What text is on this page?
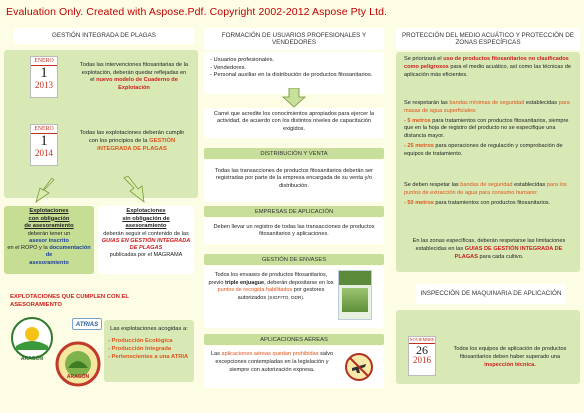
Evaluation Only. Created with Aspose.Pdf. Copyright 2002-2012 Aspose Pty Ltd.
GESTIÓN INTEGRADA DE PLAGAS
ENERO
1
2013
Todas las intervenciones fitosanitarias de la explotación, deberán quedar reflejadas en el nuevo modelo de Cuaderno de Explotación
ENERO
1
2014
Todas las explotaciones deberán cumplir con los principios de la GESTIÓN INTEGRADA DE PLAGAS
Explotaciones
con obligación
de asesoramiento
deberán tener un
asesor inscrito
en el ROPO y la documentación de
asesoramiento
Explotaciones
sin obligación de
asesoramiento
deberán seguir el contenido de las GUIAS EN GESTIÓN INTEGRADA DE PLAGAS
publicadas por el MAGRAMA
EXPLOTACIONES QUE CUMPLEN CON EL ASESORAMIENTO
ARAGÓN
ARAGÓN
ATRIAS
Las explotaciones acogidas a:
- Producción Ecológica
- Producción Integrada
- Pertenecientes a una ATRIA
FORMACIÓN DE USUARIOS PROFESIONALES Y VENDEDORES
- Usuarios profesionales.
- Vendedores.
- Personal auxiliar en la distribución de productos fitosanitarios.
Carné que acredite los conocimientos apropiados para ejercer la actividad, de acuerdo con los distintos niveles de capacitación exigidos.
DISTRIBUCIÓN Y VENTA
Todas las transacciones de productos fitosanitarios deberán ser registradas por parte de la empresa encargada de su venta y/o distribución.
EMPRESAS DE APLICACIÓN
Deben llevar un registro de todas las transacciones de productos fitosanitarios y aplicaciones.
GESTIÓN DE ENVASES
Todos los envases de productos fitosanitarios, previo triple enjuague, deberán depositarse en los puntos de recogida habilitados por gestores autorizados (SIGFITO, DDR).
APLICACIONES AÉREAS
Las aplicaciones aéreas quedan prohibidas salvo excepciones contempladas en la legislación y siempre con autorización expresa.
PROTECCIÓN DEL MEDIO ACUÁTICO Y PROTECCIÓN DE ZONAS ESPECÍFICAS
Se priorizará el uso de productos fitosanitarios no clasificados como peligrosos para el medio acuático, así como las técnicas de aplicación más eficientes.
Se respetarán las bandas mínimas de seguridad establecidas para masas de agua superficiales:
- 5 metros para tratamientos con productos fitosanitarios, siempre que en la hoja de registro del producto no se especifique una distancia mayor.
- 25 metros para operaciones de regulación y comprobación de equipos de tratamiento.
Se deben respetar las bandas de seguridad establecidas para los puntos de extracción de agua para consumo humano:
- 50 metros para tratamientos con productos fitosanitarios.
En las zonas específicas, deberán respetarse las limitaciones establecidas en las GUIAS DE GESTIÓN INTEGRADA DE PLAGAS para cada cultivo.
INSPECCIÓN DE MAQUINARIA DE APLICACIÓN
NOVIEMBRE
26
2016
Todos los equipos de aplicación de productos fitosanitarios deben haber superado una inspección técnica.
